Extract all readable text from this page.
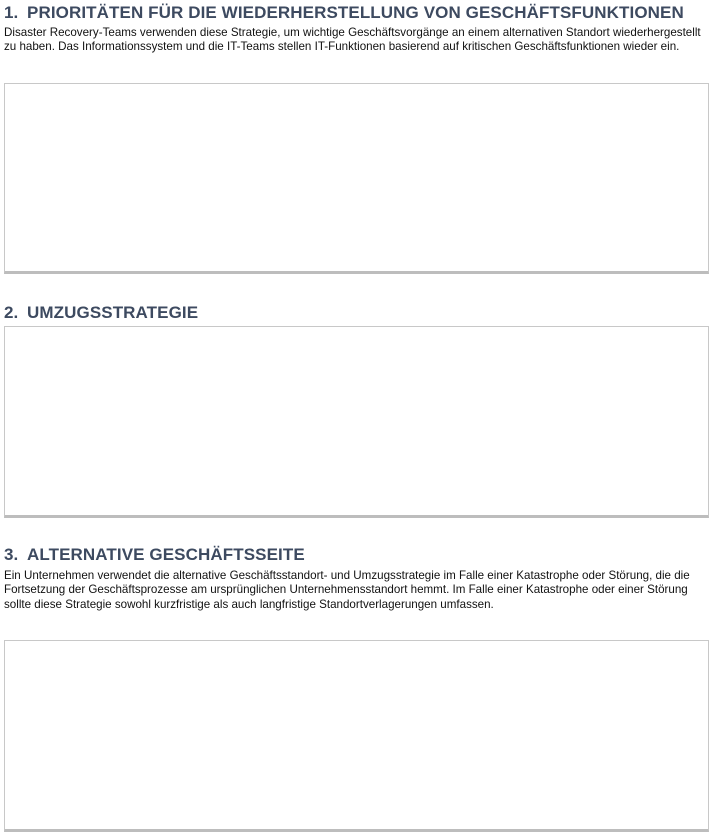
1. PRIORITÄTEN FÜR DIE WIEDERHERSTELLUNG VON GESCHÄFTSFUNKTIONEN

Disaster Recovery-Teams verwenden diese Strategie, um wichtige Geschäftsvorgänge an einem alternativen Standort wiederhergestellt zu haben. Das Informationssystem und die IT-Teams stellen IT-Funktionen basierend auf kritischen Geschäftsfunktionen wieder ein.

2. UMZUGSSTRATEGIE
3. ALTERNATIVE GESCHÄFTSSEITE

Ein Unternehmen verwendet die alternative Geschäftsstandort- und Umzugsstrategie im Falle einer Katastrophe oder Störung, die die Fortsetzung der Geschäftsprozesse am ursprünglichen Unternehmensstandort hemmt. Im Falle einer Katastrophe oder einer Störung sollte diese Strategie sowohl kurzfristige als auch langfristige Standortverlagerungen umfassen.
